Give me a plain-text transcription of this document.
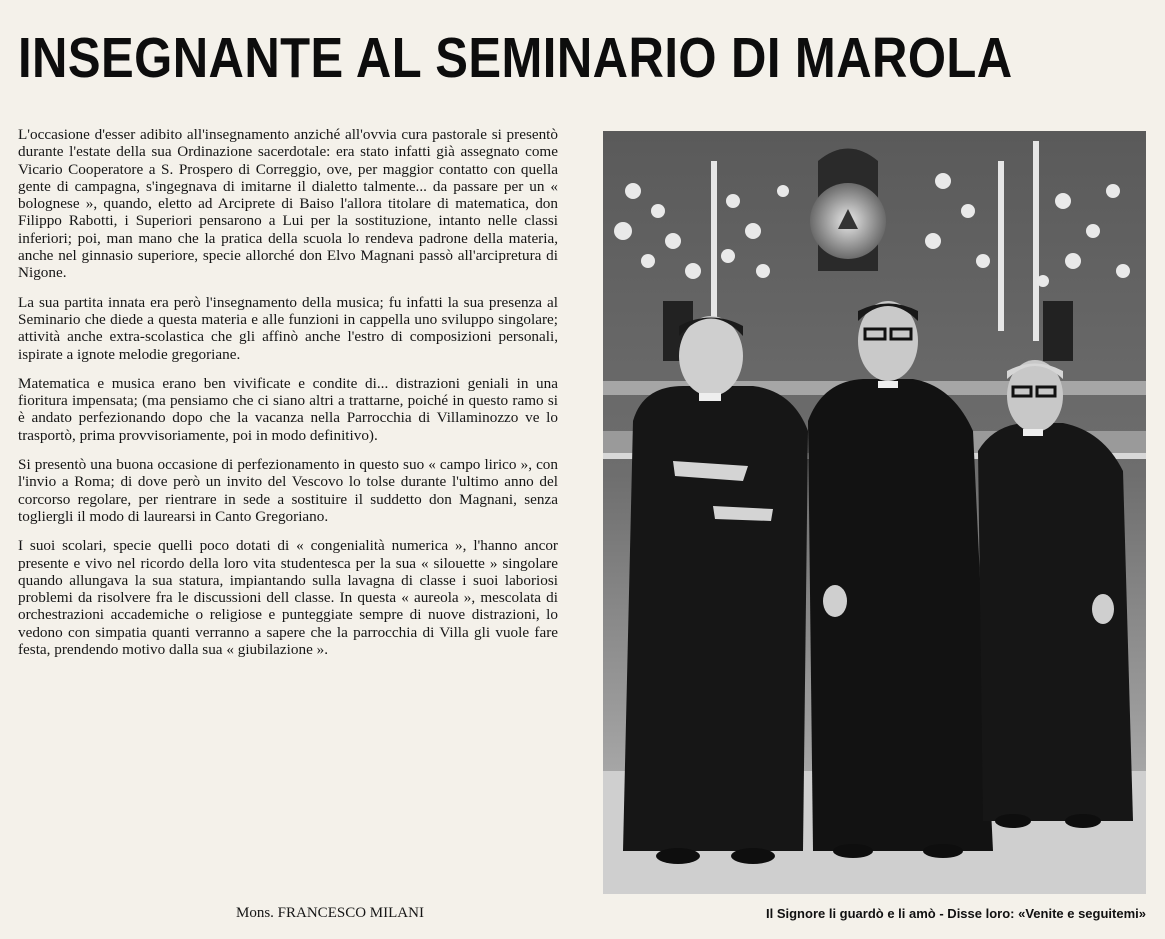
INSEGNANTE AL SEMINARIO DI MAROLA

L'occasione d'esser adibito all'insegnamento anziché all'ovvia cura pastorale si presentò durante l'estate della sua Ordinazione sacerdotale: era stato infatti già assegnato come Vicario Cooperatore a S. Prospero di Correggio, ove, per maggior contatto con quella gente di campagna, s'ingegnava di imitarne il dialetto talmente... da passare per un « bolognese », quando, eletto ad Arciprete di Baiso l'allora titolare di matematica, don Filippo Rabotti, i Superiori pensarono a Lui per la sostituzione, intanto nelle classi inferiori; poi, man mano che la pratica della scuola lo rendeva padrone della materia, anche nel ginnasio superiore, specie allorché don Elvo Magnani passò all'arcipretura di Nigone.

La sua partita innata era però l'insegnamento della musica; fu infatti la sua presenza al Seminario che diede a questa materia e alle funzioni in cappella uno sviluppo singolare; attività anche extra-scolastica che gli affinò anche l'estro di composizioni personali, ispirate a ignote melodie gregoriane.

Matematica e musica erano ben vivificate e condite di... distrazioni geniali in una fioritura impensata; (ma pensiamo che ci siano altri a trattarne, poiché in questo ramo si è andato perfezionando dopo che la vacanza nella Parrocchia di Villaminozzo ve lo trasportò, prima provvisoriamente, poi in modo definitivo).

Si presentò una buona occasione di perfezionamento in questo suo « campo lirico », con l'invio a Roma; di dove però un invito del Vescovo lo tolse durante l'ultimo anno del corcorso regolare, per rientrare in sede a sostituire il suddetto don Magnani, senza togliergli il modo di laurearsi in Canto Gregoriano.

I suoi scolari, specie quelli poco dotati di « congenialità numerica », l'hanno ancor presente e vivo nel ricordo della loro vita studentesca per la sua « silouette » singolare quando allungava la sua statura, impiantando sulla lavagna di classe i suoi laboriosi problemi da risolvere fra le discussioni dell classe. In questa « aureola », mescolata di orchestrazioni accademiche o religiose e punteggiate sempre di nuove distrazioni, lo vedono con simpatia quanti verranno a sapere che la parrocchia di Villa gli vuole fare festa, prendendo motivo dalla sua « giubilazione ».

Mons. FRANCESCO MILANI	Il Signore li guardò e li amò - Disse loro: «Venite e seguitemi»
